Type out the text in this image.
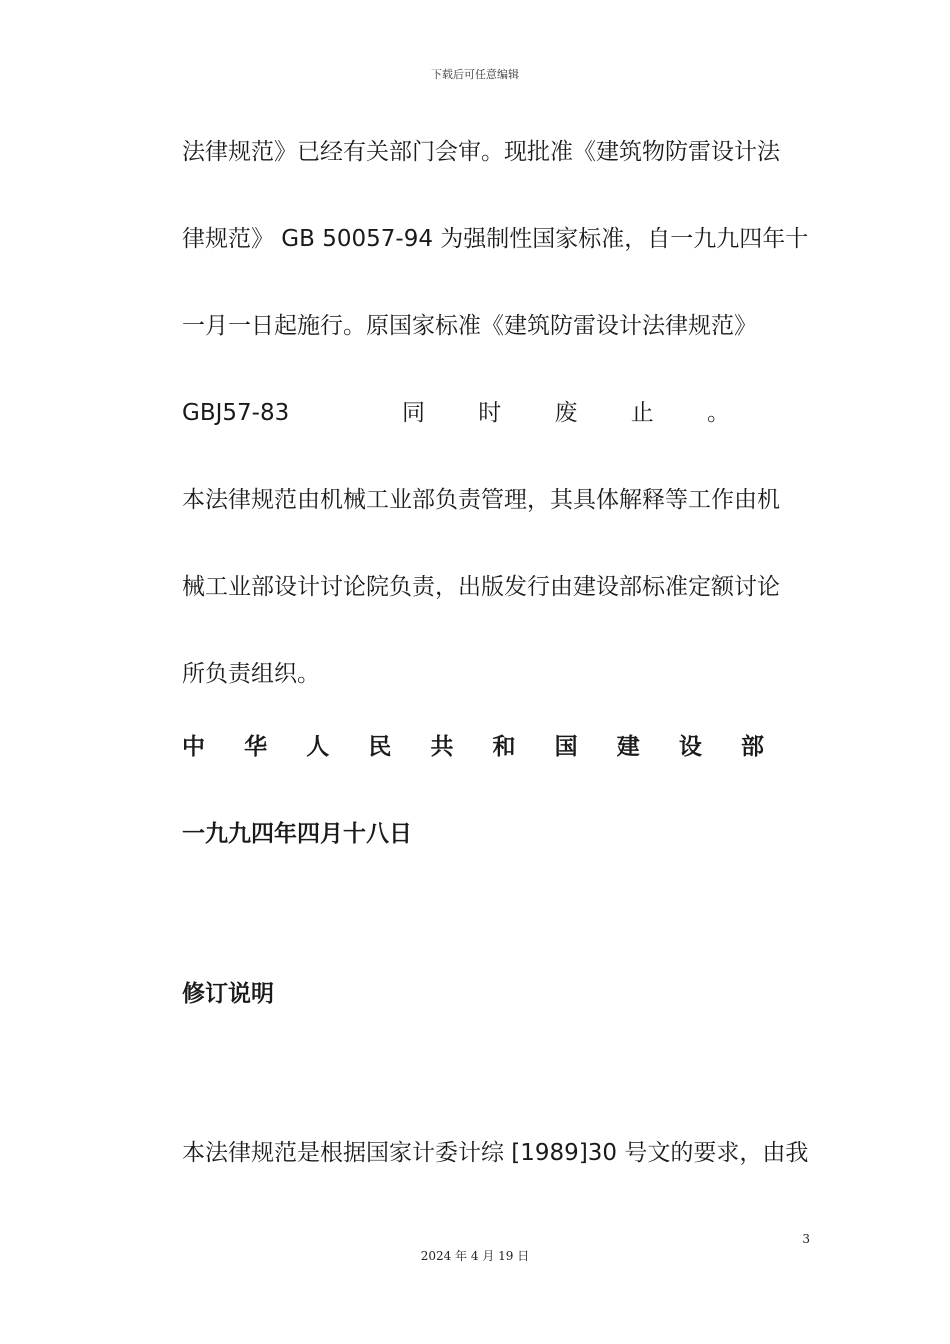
下载后可任意编辑
法律规范》已经有关部门会审。现批准《建筑物防雷设计法
律规范》 GB 50057-94 为强制性国家标准，自一九九四年十
一月一日起施行。原国家标准《建筑防雷设计法律规范》
GBJ57-83	同 时 废 止 。
本法律规范由机械工业部负责管理，其具体解释等工作由机
械工业部设计讨论院负责，出版发行由建设部标准定额讨论
所负责组织。
中 华 人 民 共 和 国 建 设 部
一九九四年四月十八日
修订说明
本法律规范是根据国家计委计综 [1989]30 号文的要求，由我
3
2024 年 4 月 19 日
